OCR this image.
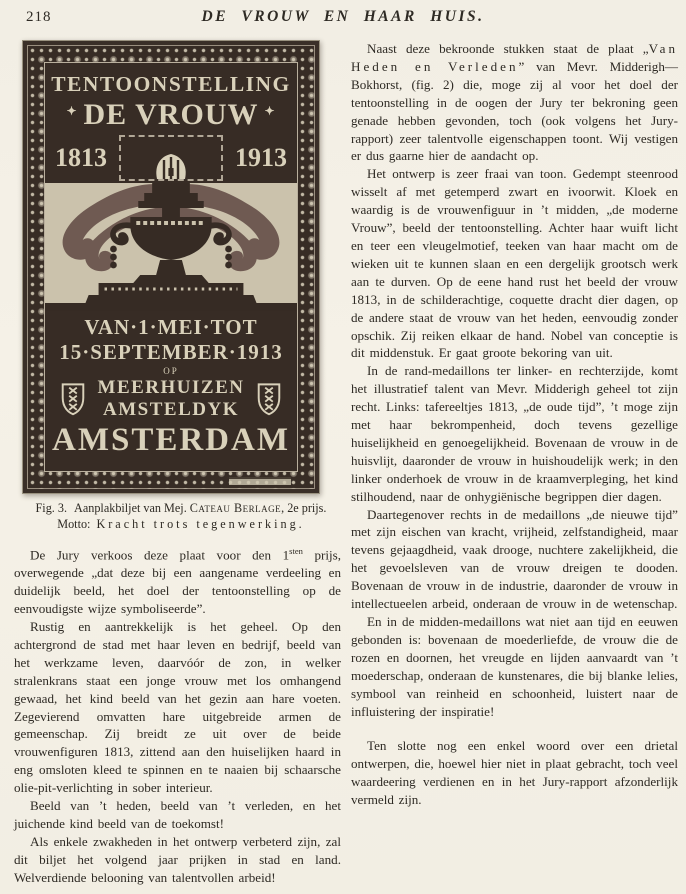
218	DE VROUW EN HAAR HUIS.
TENTOONSTELLING
✦ DE VROUW ✦
1813	1913
VAN·1·MEI·TOT
15·SEPTEMBER·1913
OP
MEERHUIZEN
AMSTELDYK
AMSTERDAM
Fig. 3. Aanplakbiljet van Mej. Cateau Berlage, 2e prijs.
Motto: Kracht trots tegenwerking.

De Jury verkoos deze plaat voor den $1^{sten}$ prijs, overwegende „dat deze bij een aangename verdeeling en duidelijk beeld, het doel der tentoonstelling op de eenvoudigste wijze symboliseerde”.

Rustig en aantrekkelijk is het geheel. Op den achtergrond de stad met haar leven en bedrijf, beeld van het werkzame leven, daarvóór de zon, in welker stralenkrans staat een jonge vrouw met los omhangend gewaad, het kind beeld van het gezin aan hare voeten. Zegevierend omvatten hare uitgebreide armen de gemeenschap. Zij breidt ze uit over de beide vrouwenfiguren 1813, zittend aan den huiselijken haard in eng omsloten kleed te spinnen en te naaien bij schaarsche olie-pit-verlichting in sober interieur.

Beeld van ’t heden, beeld van ’t verleden, en het juichende kind beeld van de toekomst!

Als enkele zwakheden in het ontwerp verbeterd zijn, zal dit biljet het volgend jaar prijken in stad en land. Welverdiende belooning van talentvollen arbeid!

Naast deze bekroonde stukken staat de plaat „Van Heden en Verleden” van Mevr. Midderigh—Bokhorst, (fig. 2) die, moge zij al voor het doel der tentoonstelling in de oogen der Jury ter bekroning geen genade hebben gevonden, toch (ook volgens het Jury-rapport) zeer talentvolle eigenschappen toont. Wij vestigen er dus gaarne hier de aandacht op.

Het ontwerp is zeer fraai van toon. Gedempt steenrood wisselt af met getemperd zwart en ivoorwit. Kloek en waardig is de vrouwenfiguur in ’t midden, „de moderne Vrouw”, beeld der tentoonstelling. Achter haar wuift licht en teer een vleugelmotief, teeken van haar macht om de wieken uit te kunnen slaan en een dergelijk grootsch werk aan te durven. Op de eene hand rust het beeld der vrouw 1813, in de schilderachtige, coquette dracht dier dagen, op de andere staat de vrouw van het heden, eenvoudig zonder opschik. Zij reiken elkaar de hand. Nobel van conceptie is dit middenstuk. Er gaat groote bekoring van uit.

In de rand-medaillons ter linker- en rechterzijde, komt het illustratief talent van Mevr. Midderigh geheel tot zijn recht. Links: tafereeltjes 1813, „de oude tijd”, ’t moge zijn met haar bekrompenheid, doch tevens gezellige huiselijkheid en genoegelijkheid. Bovenaan de vrouw in de huisvlijt, daaronder de vrouw in huishoudelijk werk; in den linker onderhoek de vrouw in de kraamverpleging, het kind stilhoudend, naar de onhygiënische begrippen dier dagen.

Daartegenover rechts in de medaillons „de nieuwe tijd” met zijn eischen van kracht, vrijheid, zelfstandigheid, maar tevens gejaagdheid, vaak drooge, nuchtere zakelijkheid, die het gevoelsleven van de vrouw dreigen te dooden. Bovenaan de vrouw in de industrie, daaronder de vrouw in intellectueelen arbeid, onderaan de vrouw in de wetenschap.

En in de midden-medaillons wat niet aan tijd en eeuwen gebonden is: bovenaan de moederliefde, de vrouw die de rozen en doornen, het vreugde en lijden aanvaardt van ’t moederschap, onderaan de kunstenares, die bij blanke lelies, symbool van reinheid en schoonheid, luistert naar de influistering der inspiratie!

Ten slotte nog een enkel woord over een drietal ontwerpen, die, hoewel hier niet in plaat gebracht, toch veel waardeering verdienen en in het Jury-rapport afzonderlijk vermeld zijn.
